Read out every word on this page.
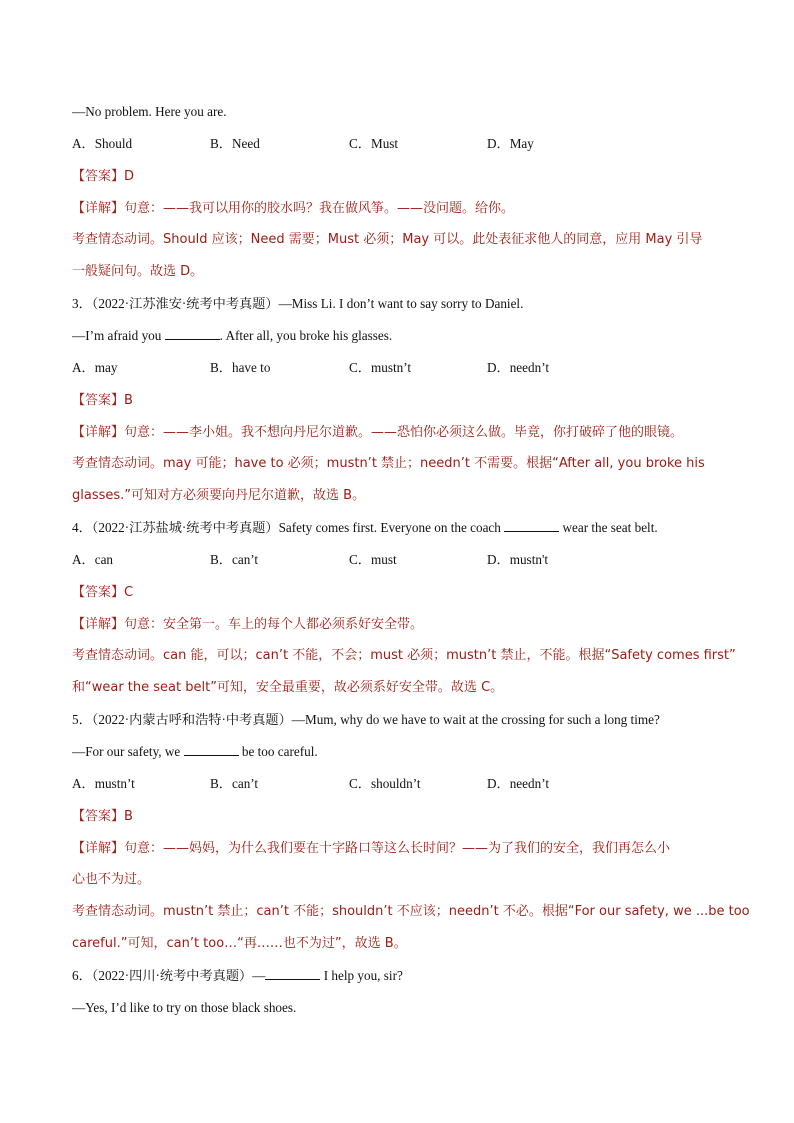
—No problem. Here you are.
A．Should	B．Need	C．Must	D．May
【答案】D
【详解】句意：——我可以用你的胶水吗？我在做风筝。——没问题。给你。
考查情态动词。Should 应该；Need 需要；Must 必须；May 可以。此处表征求他人的同意，应用 May 引导
一般疑问句。故选 D。
3．（2022·江苏淮安·统考中考真题）—Miss Li. I don’t want to say sorry to Daniel.
—I’m afraid you	. After all, you broke his glasses.
A．may	B．have to	C．mustn’t	D．needn’t
【答案】B
【详解】句意：——李小姐。我不想向丹尼尔道歉。——恐怕你必须这么做。毕竟，你打破碎了他的眼镜。
考查情态动词。may 可能；have to 必须；mustn’t 禁止；needn’t 不需要。根据“After all, you broke his
glasses.”可知对方必须要向丹尼尔道歉，故选 B。
4．（2022·江苏盐城·统考中考真题）Safety comes first. Everyone on the coach	wear the seat belt.
A．can	B．can’t	C．must	D．mustn't
【答案】C
【详解】句意：安全第一。车上的每个人都必须系好安全带。
考查情态动词。can 能，可以；can’t 不能，不会；must 必须；mustn’t 禁止，不能。根据“Safety comes first”
和“wear the seat belt”可知，安全最重要，故必须系好安全带。故选 C。
5．（2022·内蒙古呼和浩特·中考真题）—Mum, why do we have to wait at the crossing for such a long time?
—For our safety, we	be too careful.
A．mustn’t	B．can’t	C．shouldn’t	D．needn’t
【答案】B
【详解】句意：——妈妈，为什么我们要在十字路口等这么长时间？——为了我们的安全，我们再怎么小
心也不为过。
考查情态动词。mustn’t 禁止；can’t 不能；shouldn’t 不应该；needn’t 不必。根据“For our safety, we ...be too
careful.”可知，can’t too…“再……也不为过”，故选 B。
6．（2022·四川·统考中考真题）—	I help you, sir?
—Yes, I’d like to try on those black shoes.
